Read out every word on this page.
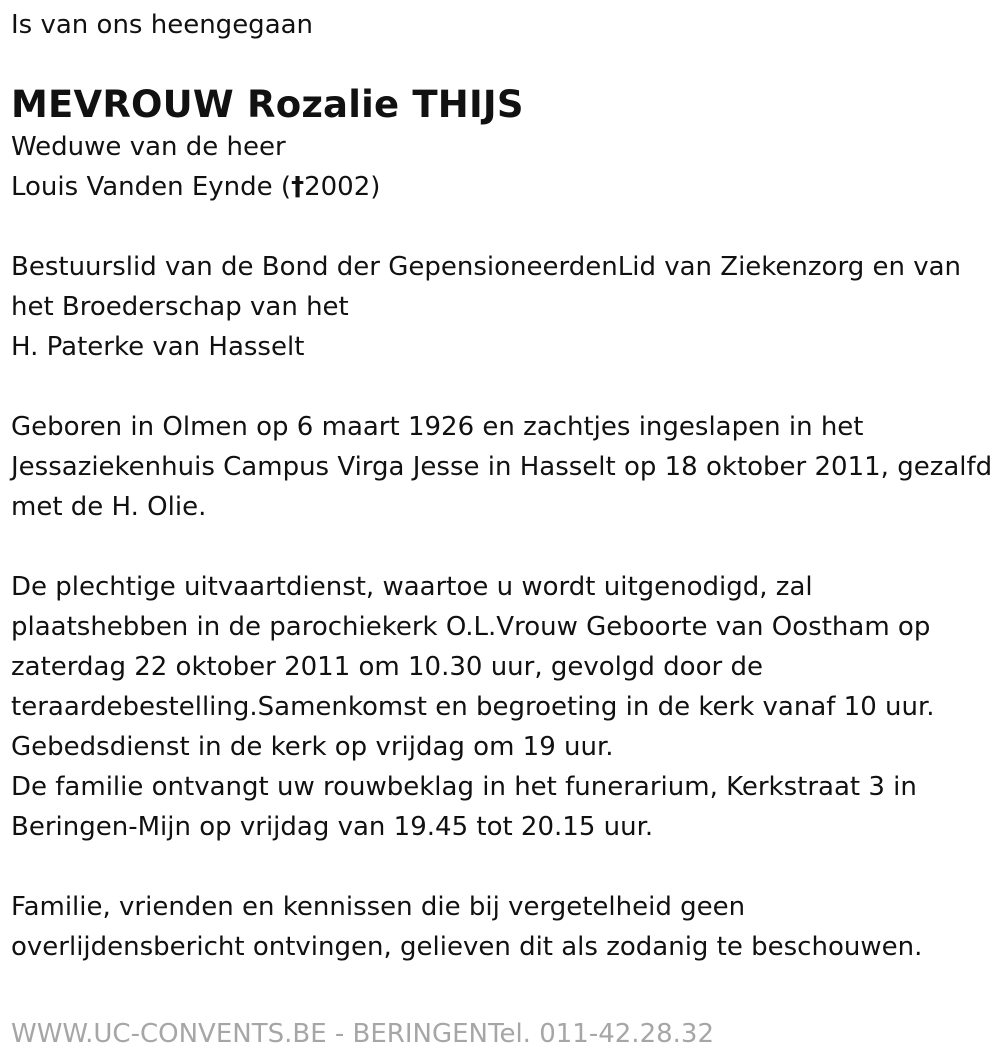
Is van ons heengegaan
MEVROUW Rozalie THIJS
Weduwe van de heer
Louis Vanden Eynde (†2002)
Bestuurslid van de Bond der GepensioneerdenLid van Ziekenzorg en van
het Broederschap van het
H. Paterke van Hasselt
Geboren in Olmen op 6 maart 1926 en zachtjes ingeslapen in het
Jessaziekenhuis Campus Virga Jesse in Hasselt op 18 oktober 2011, gezalfd
met de H. Olie.
De plechtige uitvaartdienst, waartoe u wordt uitgenodigd, zal
plaatshebben in de parochiekerk O.L.Vrouw Geboorte van Oostham op
zaterdag 22 oktober 2011 om 10.30 uur, gevolgd door de
teraardebestelling.Samenkomst en begroeting in de kerk vanaf 10 uur.
Gebedsdienst in de kerk op vrijdag om 19 uur.
De familie ontvangt uw rouwbeklag in het funerarium, Kerkstraat 3 in
Beringen-Mijn op vrijdag van 19.45 tot 20.15 uur.
Familie, vrienden en kennissen die bij vergetelheid geen
overlijdensbericht ontvingen, gelieven dit als zodanig te beschouwen.
WWW.UC-CONVENTS.BE - BERINGENTel. 011-42.28.32
